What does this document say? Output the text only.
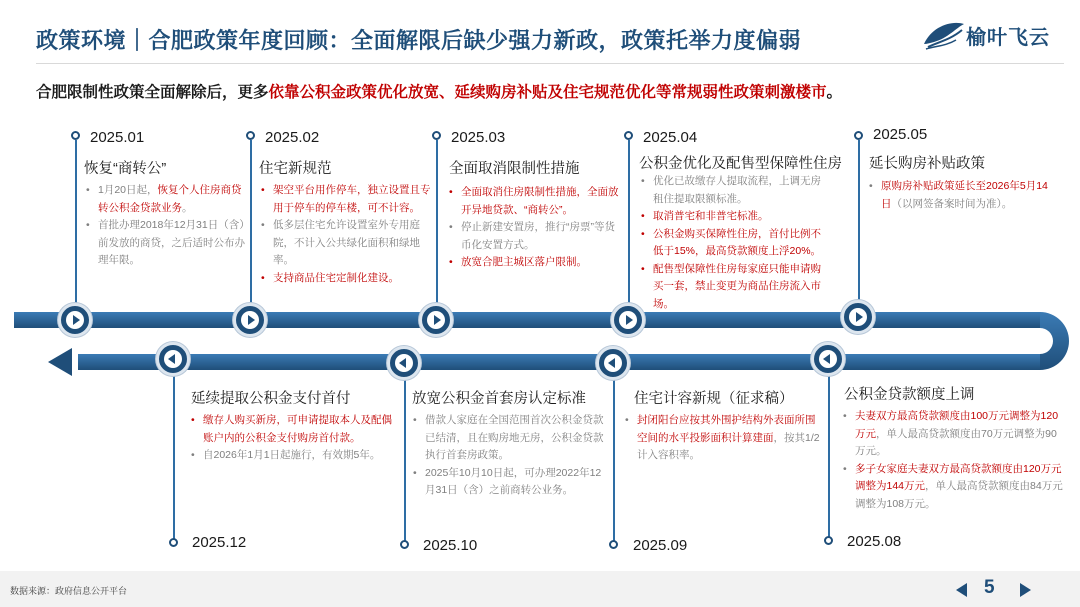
政策环境｜合肥政策年度回顾：全面解限后缺少强力新政，政策托举力度偏弱	榆叶飞云
合肥限制性政策全面解除后，更多依靠公积金政策优化放宽、延续购房补贴及住宅规范优化等常规弱性政策刺激楼市。
2025.01
恢复“商转公”
• 1月20日起，恢复个人住房商贷转公积金贷款业务。
• 首批办理2018年12月31日（含）前发放的商贷，之后适时公布办理年限。
2025.02
住宅新规范
• 架空平台用作停车，独立设置且专用于停车的停车楼，可不计容。
• 低多层住宅允许设置室外专用庭院，不计入公共绿化面积和绿地率。
• 支持商品住宅定制化建设。
2025.03
全面取消限制性措施
• 全面取消住房限制性措施，全面放开异地贷款、“商转公”。
• 停止新建安置房，推行“房票”等货币化安置方式。
• 放宽合肥主城区落户限制。
2025.04
公积金优化及配售型保障性住房
• 优化已故缴存人提取流程，上调无房租住提取限额标准。
• 取消普宅和非普宅标准。
• 公积金购买保障性住房，首付比例不低于15%，最高贷款额度上浮20%。
• 配售型保障性住房每家庭只能申请购买一套，禁止变更为商品住房流入市场。
2025.05
延长购房补贴政策
• 原购房补贴政策延长至2026年5月14日（以网签备案时间为准）。
延续提取公积金支付首付
• 缴存人购买新房，可申请提取本人及配偶账户内的公积金支付购房首付款。
• 自2026年1月1日起施行，有效期5年。
2025.12
放宽公积金首套房认定标准
• 借款人家庭在全国范围首次公积金贷款已结清，且在购房地无房，公积金贷款执行首套房政策。
• 2025年10月10日起，可办理2022年12月31日（含）之前商转公业务。
2025.10
住宅计容新规（征求稿）
• 封闭阳台应按其外围护结构外表面所围空间的水平投影面积计算建面，按其1/2 计入容积率。
2025.09
公积金贷款额度上调
• 夫妻双方最高贷款额度由100万元调整为120万元，单人最高贷款额度由70万元调整为90万元。
• 多子女家庭夫妻双方最高贷款额度由120万元调整为144万元，单人最高贷款额度由84万元调整为108万元。
2025.08
数据来源：政府信息公开平台	5
